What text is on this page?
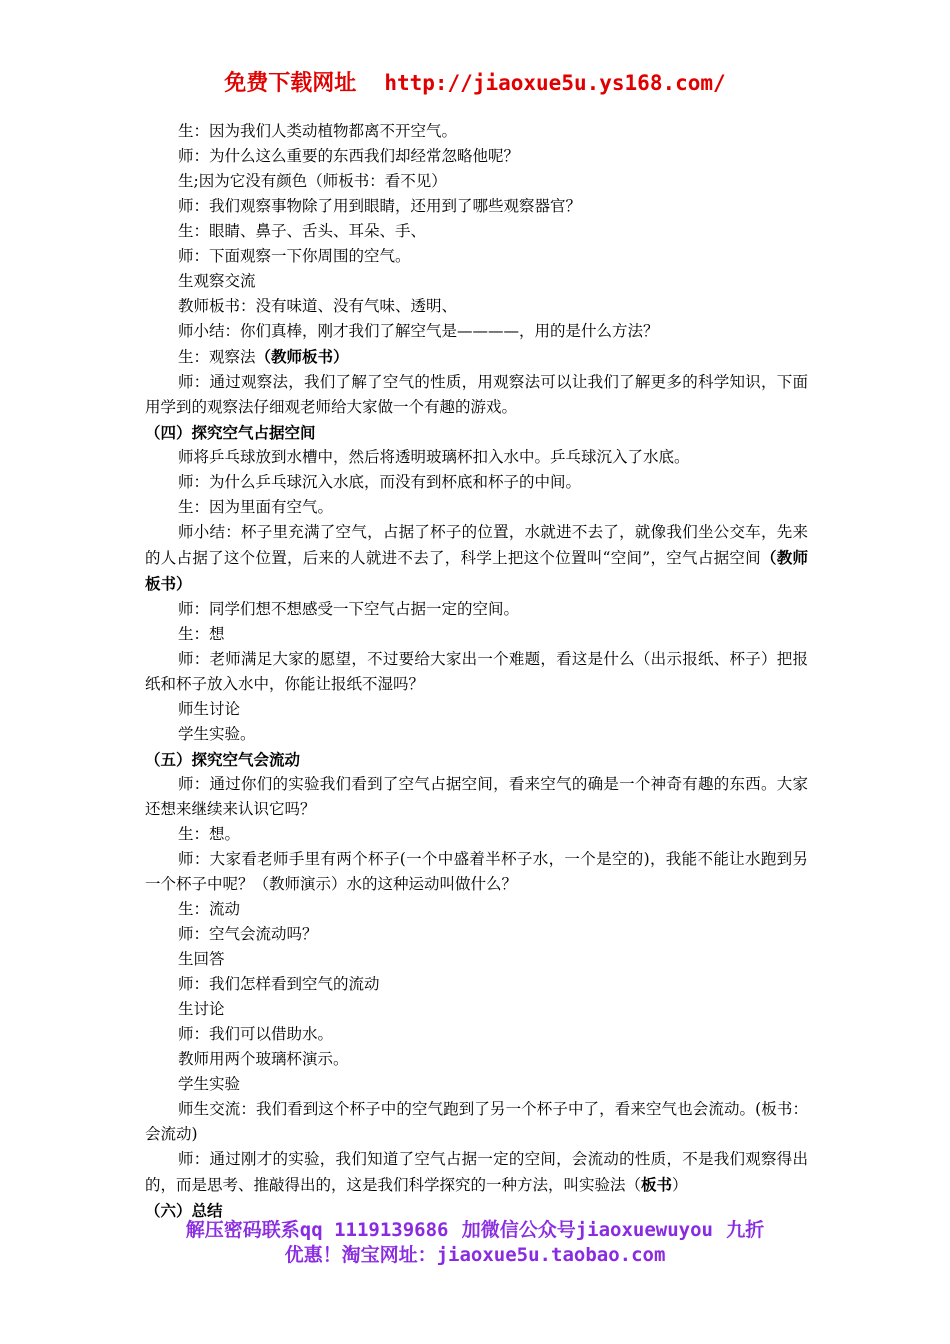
免费下载网址 http://jiaoxue5u.ys168.com/

生：因为我们人类动植物都离不开空气。

师：为什么这么重要的东西我们却经常忽略他呢？

生;因为它没有颜色（师板书：看不见）

师：我们观察事物除了用到眼睛，还用到了哪些观察器官？

生：眼睛、鼻子、舌头、耳朵、手、

师：下面观察一下你周围的空气。

生观察交流

教师板书：没有味道、没有气味、透明、

师小结：你们真棒，刚才我们了解空气是————，用的是什么方法？

生：观察法（教师板书）

师：通过观察法，我们了解了空气的性质，用观察法可以让我们了解更多的科学知识，下面用学到的观察法仔细观老师给大家做一个有趣的游戏。

（四）探究空气占据空间

师将乒乓球放到水槽中，然后将透明玻璃杯扣入水中。乒乓球沉入了水底。

师：为什么乒乓球沉入水底，而没有到杯底和杯子的中间。

生：因为里面有空气。

师小结：杯子里充满了空气，占据了杯子的位置，水就进不去了，就像我们坐公交车，先来的人占据了这个位置，后来的人就进不去了，科学上把这个位置叫“空间”，空气占据空间（教师板书）

师：同学们想不想感受一下空气占据一定的空间。

生：想

师：老师满足大家的愿望，不过要给大家出一个难题，看这是什么（出示报纸、杯子）把报纸和杯子放入水中，你能让报纸不湿吗？

师生讨论

学生实验。

（五）探究空气会流动

师：通过你们的实验我们看到了空气占据空间，看来空气的确是一个神奇有趣的东西。大家还想来继续来认识它吗？

生：想。

师：大家看老师手里有两个杯子(一个中盛着半杯子水，一个是空的)，我能不能让水跑到另一个杯子中呢？（教师演示）水的这种运动叫做什么？

生：流动

师：空气会流动吗？

生回答

师：我们怎样看到空气的流动

生讨论

师：我们可以借助水。

教师用两个玻璃杯演示。

学生实验

师生交流：我们看到这个杯子中的空气跑到了另一个杯子中了，看来空气也会流动。(板书：会流动)

师：通过刚才的实验，我们知道了空气占据一定的空间，会流动的性质，不是我们观察得出的，而是思考、推敲得出的，这是我们科学探究的一种方法，叫实验法（板书）

（六）总结

解压密码联系qq 1119139686 加微信公众号jiaoxuewuyou 九折
优惠！淘宝网址：jiaoxue5u.taobao.com
